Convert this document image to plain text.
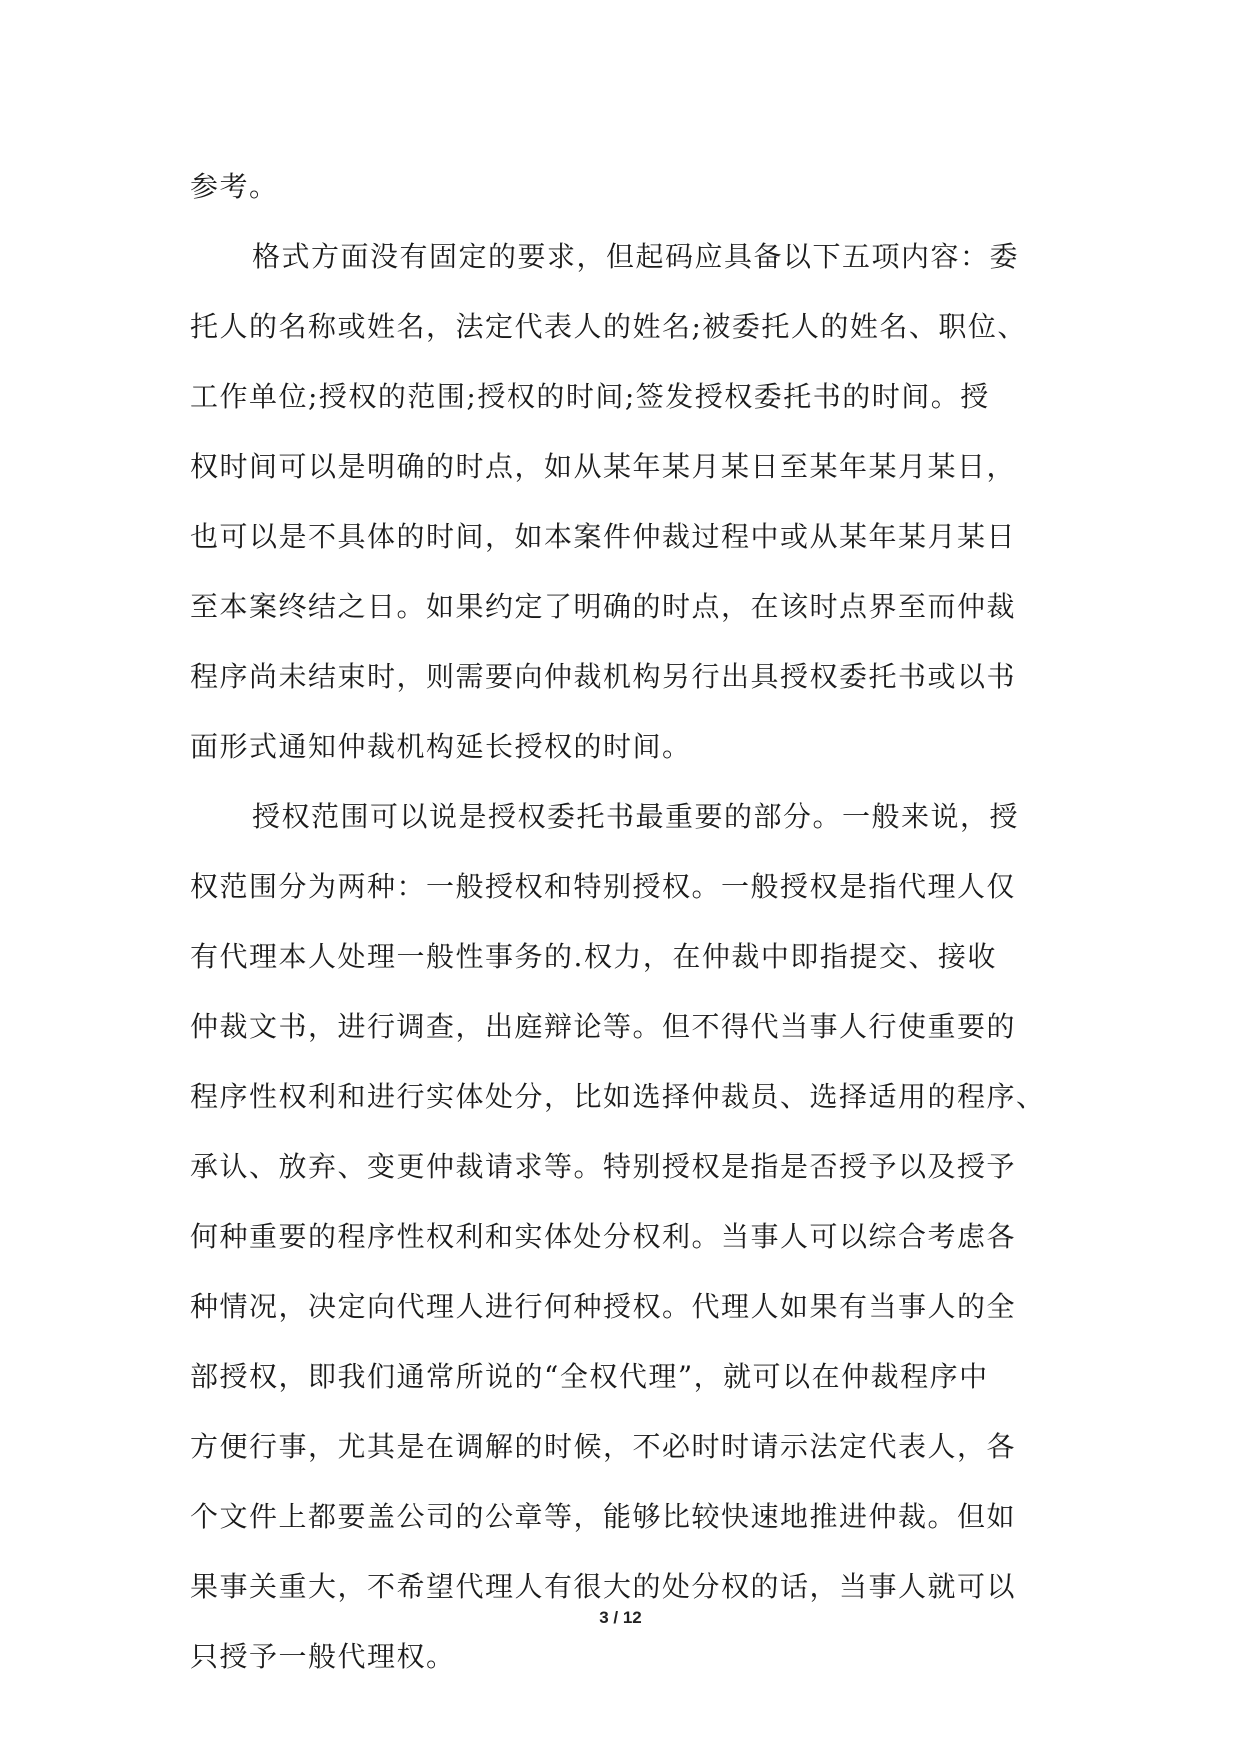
参考。
格式方面没有固定的要求，但起码应具备以下五项内容：委
托人的名称或姓名，法定代表人的姓名;被委托人的姓名、职位、
工作单位;授权的范围;授权的时间;签发授权委托书的时间。授
权时间可以是明确的时点，如从某年某月某日至某年某月某日，
也可以是不具体的时间，如本案件仲裁过程中或从某年某月某日
至本案终结之日。如果约定了明确的时点，在该时点界至而仲裁
程序尚未结束时，则需要向仲裁机构另行出具授权委托书或以书
面形式通知仲裁机构延长授权的时间。
授权范围可以说是授权委托书最重要的部分。一般来说，授
权范围分为两种：一般授权和特别授权。一般授权是指代理人仅
有代理本人处理一般性事务的.权力，在仲裁中即指提交、接收
仲裁文书，进行调查，出庭辩论等。但不得代当事人行使重要的
程序性权利和进行实体处分，比如选择仲裁员、选择适用的程序、
承认、放弃、变更仲裁请求等。特别授权是指是否授予以及授予
何种重要的程序性权利和实体处分权利。当事人可以综合考虑各
种情况，决定向代理人进行何种授权。代理人如果有当事人的全
部授权，即我们通常所说的“全权代理”，就可以在仲裁程序中
方便行事，尤其是在调解的时候，不必时时请示法定代表人，各
个文件上都要盖公司的公章等，能够比较快速地推进仲裁。但如
果事关重大，不希望代理人有很大的处分权的话，当事人就可以
只授予一般代理权。
3 / 12
